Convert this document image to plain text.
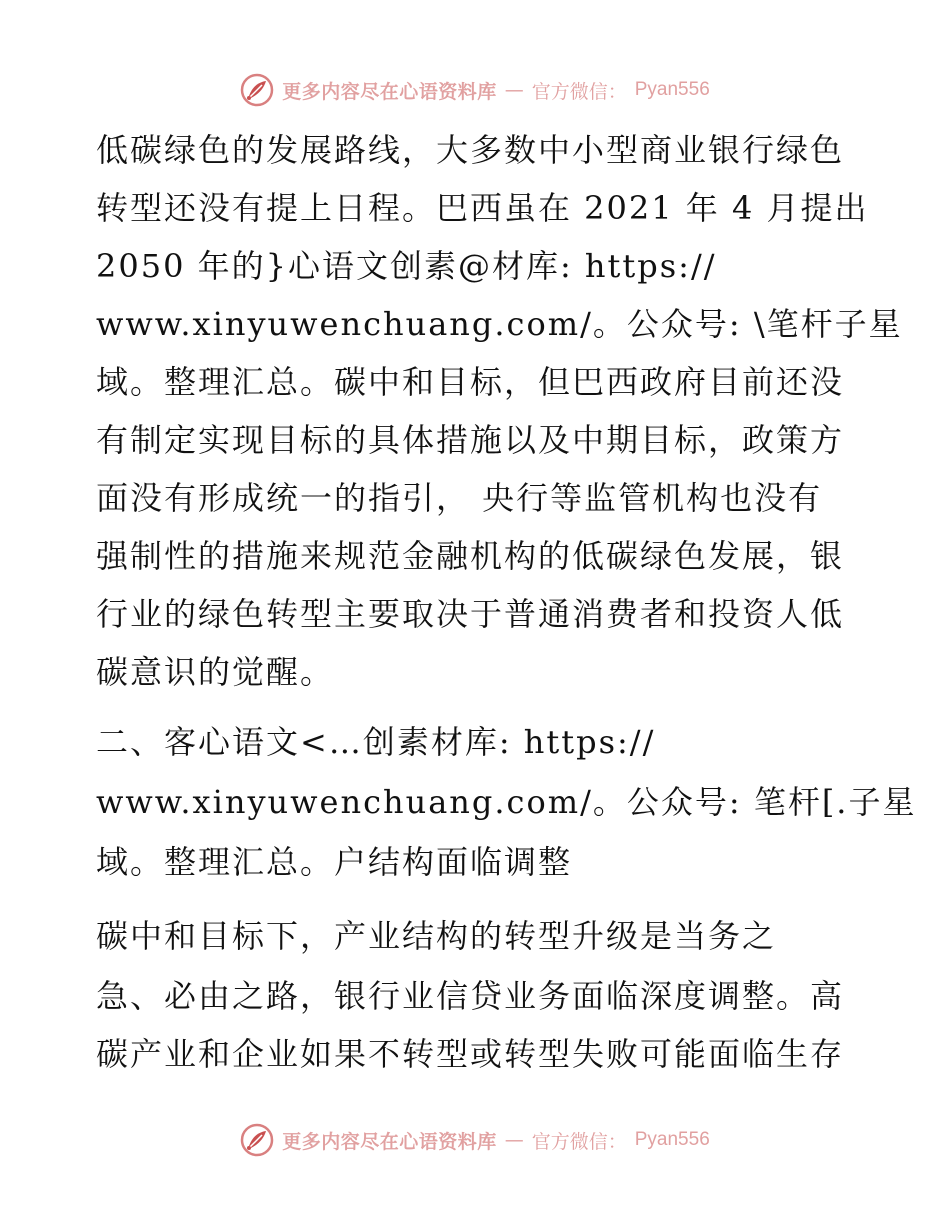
更多内容尽在心语资料库 — 官方微信： Pyan556
低碳绿色的发展路线，大多数中小型商业银行绿色
转型还没有提上日程。巴西虽在 2021 年 4 月提出
2050 年的}心语文创素@材库: https://
www.xinyuwenchuang.com/。公众号: \笔杆子星
域。整理汇总。碳中和目标，但巴西政府目前还没
有制定实现目标的具体措施以及中期目标，政策方
面没有形成统一的指引， 央行等监管机构也没有
强制性的措施来规范金融机构的低碳绿色发展，银
行业的绿色转型主要取决于普通消费者和投资人低
碳意识的觉醒。
二、客心语文<…创素材库: https://
www.xinyuwenchuang.com/。公众号: 笔杆[.子星
域。整理汇总。户结构面临调整
碳中和目标下，产业结构的转型升级是当务之
急、必由之路，银行业信贷业务面临深度调整。高
碳产业和企业如果不转型或转型失败可能面临生存
更多内容尽在心语资料库 — 官方微信： Pyan556
